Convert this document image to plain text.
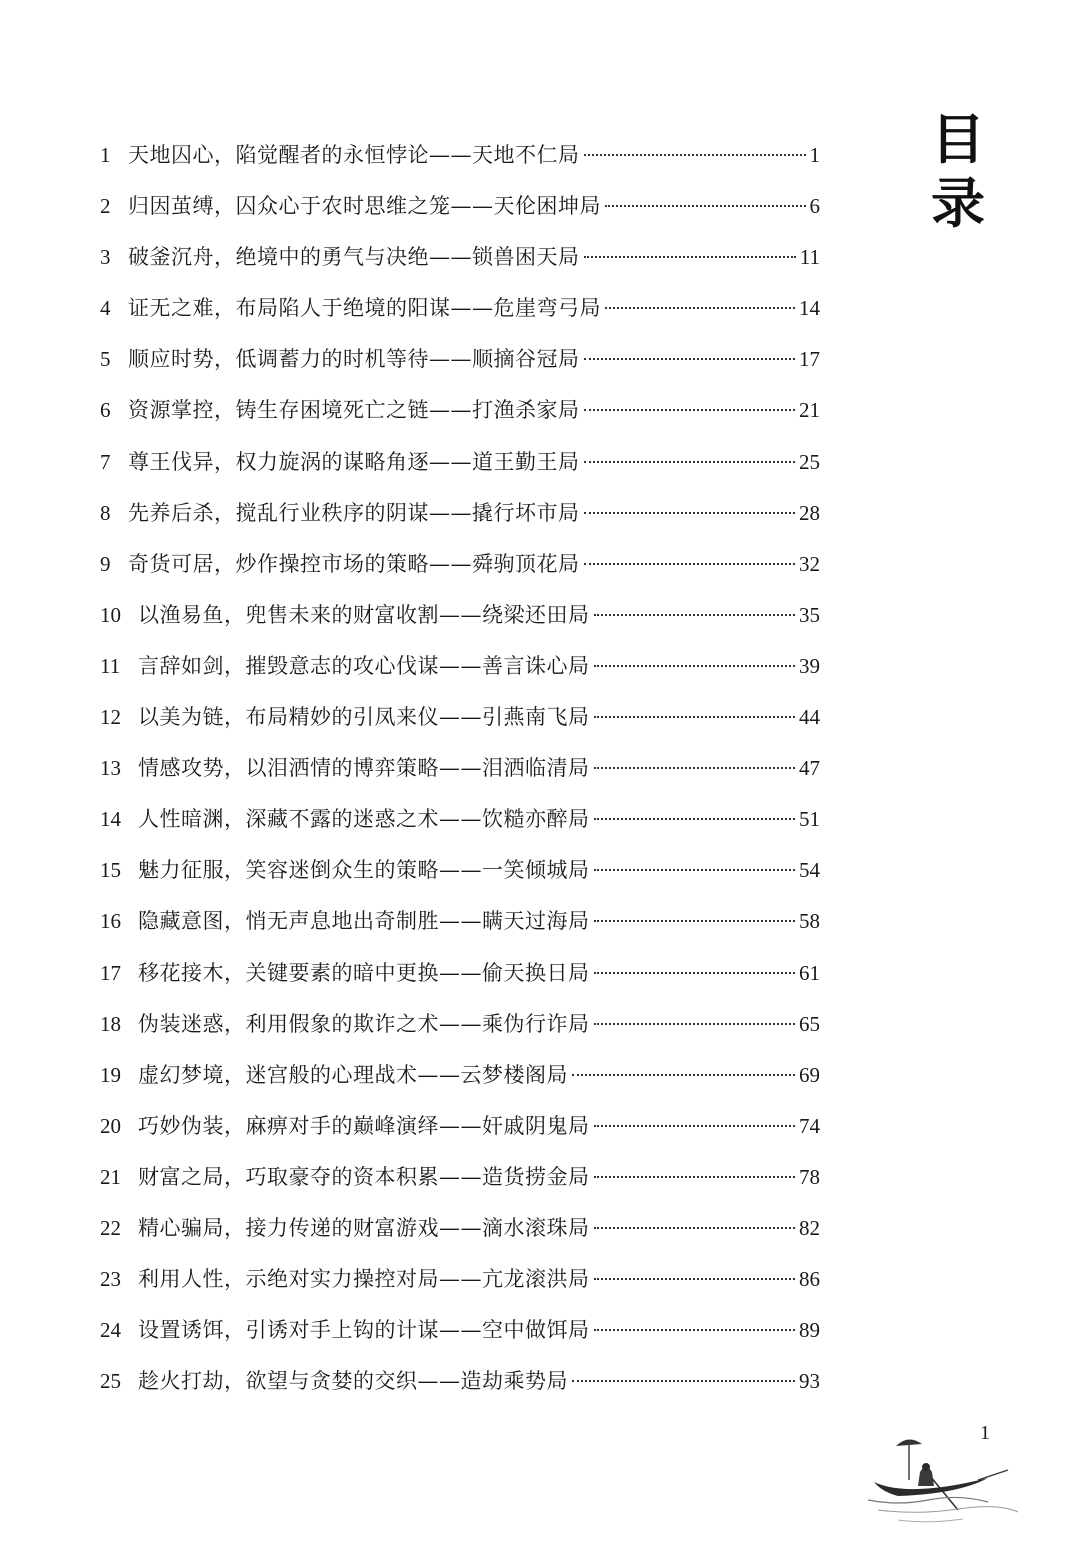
目
录
1 天地囚心，陷觉醒者的永恒悖论——天地不仁局	1
2 归因茧缚，囚众心于农时思维之笼——天伦困坤局	6
3 破釜沉舟，绝境中的勇气与决绝——锁兽困天局	11
4 证无之难，布局陷人于绝境的阳谋——危崖弯弓局	14
5 顺应时势，低调蓄力的时机等待——顺摘谷冠局	17
6 资源掌控，铸生存困境死亡之链——打渔杀家局	21
7 尊王伐异，权力旋涡的谋略角逐——道王勤王局	25
8 先养后杀，搅乱行业秩序的阴谋——撬行坏市局	28
9 奇货可居，炒作操控市场的策略——舜驹顶花局	32
10 以渔易鱼，兜售未来的财富收割——绕梁还田局	35
11 言辞如剑，摧毁意志的攻心伐谋——善言诛心局	39
12 以美为链，布局精妙的引凤来仪——引燕南飞局	44
13 情感攻势，以泪洒情的博弈策略——泪洒临清局	47
14 人性暗渊，深藏不露的迷惑之术——饮糙亦醉局	51
15 魅力征服，笑容迷倒众生的策略——一笑倾城局	54
16 隐藏意图，悄无声息地出奇制胜——瞒天过海局	58
17 移花接木，关键要素的暗中更换——偷天换日局	61
18 伪装迷惑，利用假象的欺诈之术——乘伪行诈局	65
19 虚幻梦境，迷宫般的心理战术——云梦楼阁局	69
20 巧妙伪装，麻痹对手的巅峰演绎——奸戚阴鬼局	74
21 财富之局，巧取豪夺的资本积累——造货捞金局	78
22 精心骗局，接力传递的财富游戏——滴水滚珠局	82
23 利用人性，示绝对实力操控对局——亢龙滚洪局	86
24 设置诱饵，引诱对手上钩的计谋——空中做饵局	89
25 趁火打劫，欲望与贪婪的交织——造劫乘势局	93
1
